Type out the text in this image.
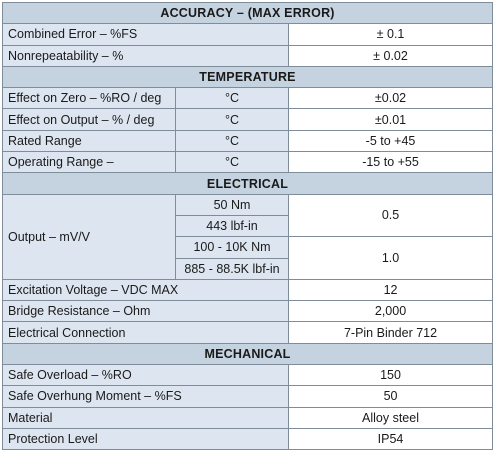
ACCURACY – (MAX ERROR)		
Combined Error – %FS		± 0.1
Nonrepeatability – %		± 0.02
TEMPERATURE		
Effect on Zero – %RO / deg	°C	±0.02
Effect on Output – % / deg	°C	±0.01
Rated Range	°C	-5 to +45
Operating Range –	°C	-15 to +55
ELECTRICAL		
Output – mV/V	50 Nm	0.5
	443 lbf-in	
	100 - 10K Nm	1.0
	885 - 88.5K lbf-in	
Excitation Voltage – VDC MAX		12
Bridge Resistance – Ohm		2,000
Electrical Connection		7-Pin Binder 712
MECHANICAL		
Safe Overload – %RO		150
Safe Overhung Moment – %FS		50
Material		Alloy steel
Protection Level		IP54
